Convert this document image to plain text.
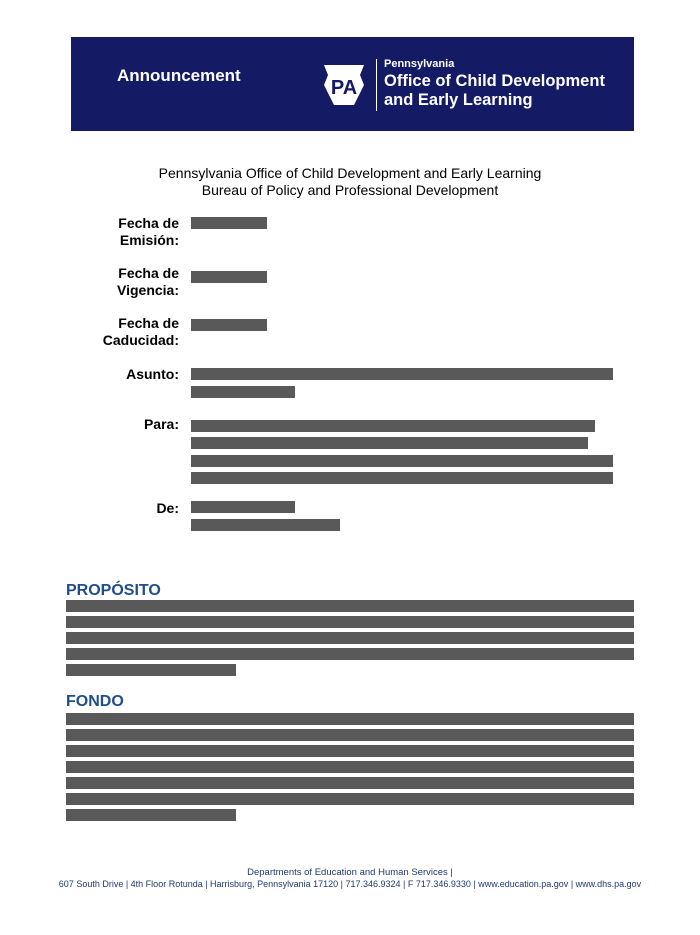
Announcement
PA
Pennsylvania
Office of Child Development
and Early Learning
Pennsylvania Office of Child Development and Early Learning
Bureau of Policy and Professional Development
Fecha de
Emisión:
Fecha de
Vigencia:
Fecha de
Caducidad:
Asunto:
Para:
De:
PROPÓSITO
FONDO
Departments of Education and Human Services |
607 South Drive | 4th Floor Rotunda | Harrisburg, Pennsylvania 17120 | 717.346.9324 | F 717.346.9330 | www.education.pa.gov | www.dhs.pa.gov
